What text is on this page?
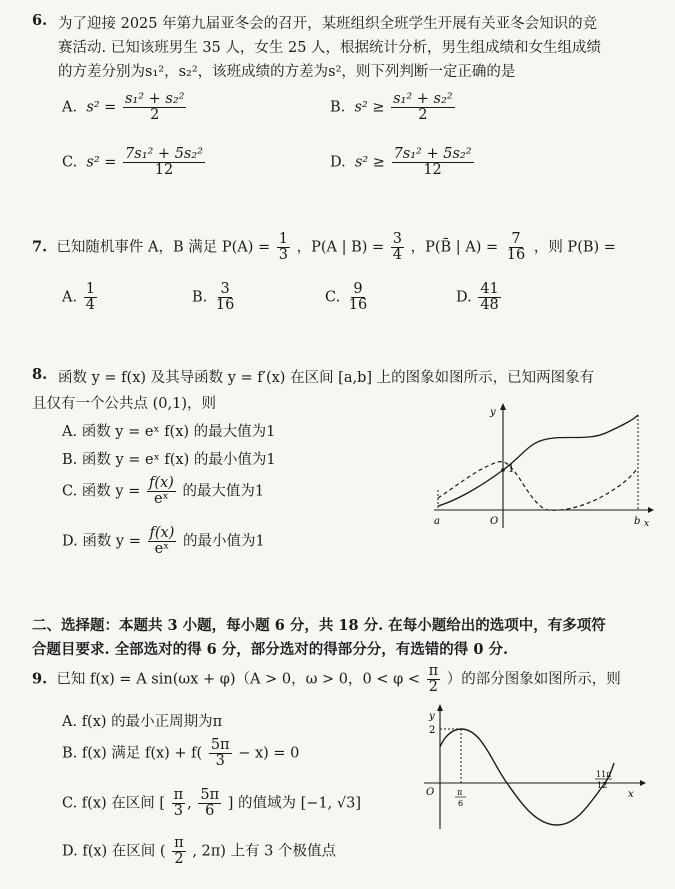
6. 为了迎接 2025 年第九届亚冬会的召开，某班组织全班学生开展有关亚冬会知识的竞
赛活动. 已知该班男生 35 人，女生 25 人，根据统计分析，男生组成绩和女生组成绩
的方差分别为s₁²，s₂²，该班成绩的方差为s²，则下列判断一定正确的是
A. $s^2 = \frac{\text{s₁² + s₂²}}{2}$	B. $s^2 \ge \frac{\text{s₁² + s₂²}}{2}$
C. $s^2 = \frac{\text{7s₁² + 5s₂²}}{12}$	D. $s^2 \ge \frac{\text{7s₁² + 5s₂²}}{12}$
7. 已知随机事件 A，B 满足 $P(A) = \frac{1}{3}$ ，P(A | $B) = \frac{3}{4}$ ，P(B̄ | $A) = \frac{7}{16}$ ，则 P(B) =
A. $\frac{1}{4}$	B. $\frac{3}{16}$	C. $\frac{9}{16}$	D. $\frac{41}{48}$
8. 函数 y = f(x) 及其导函数 y = f′(x) 在区间 [a,b] 上的图象如图所示，已知两图象有
且仅有一个公共点 (0,1)，则
A. 函数 y = eˣ f(x) 的最大值为1
B. 函数 y = eˣ f(x) 的最小值为1
C. 函数 $y = \frac{f(x)}{\text{eˣ}}$ 的最大值为1
D. 函数 $y = \frac{f(x)}{\text{eˣ}}$ 的最小值为1
y
1
a	O	b x
二、选择题：本题共 3 小题，每小题 6 分，共 18 分. 在每小题给出的选项中，有多项符
合题目要求. 全部选对的得 6 分，部分选对的得部分分，有选错的得 0 分.
9. 已知 f(x) = A sin(ωx + φ)（A > 0，ω > 0，$0 < \varphi < \frac{\pi}{2}$ ）的部分图象如图所示，则
A. f(x) 的最小正周期为π
B. f(x) 满足 $f(x) + f( \frac{5\pi}{3} - x) = 0$
C. f(x) 在区间 [ $\frac{\pi}{3}$ , $\frac{5\pi}{6}$ ] 的值域为 [−1, √3]
D. f(x) 在区间 ( $\frac{\pi}{2}$ , 2π) 上有 3 个极值点
y
2
O	π
6
11π
12
x
